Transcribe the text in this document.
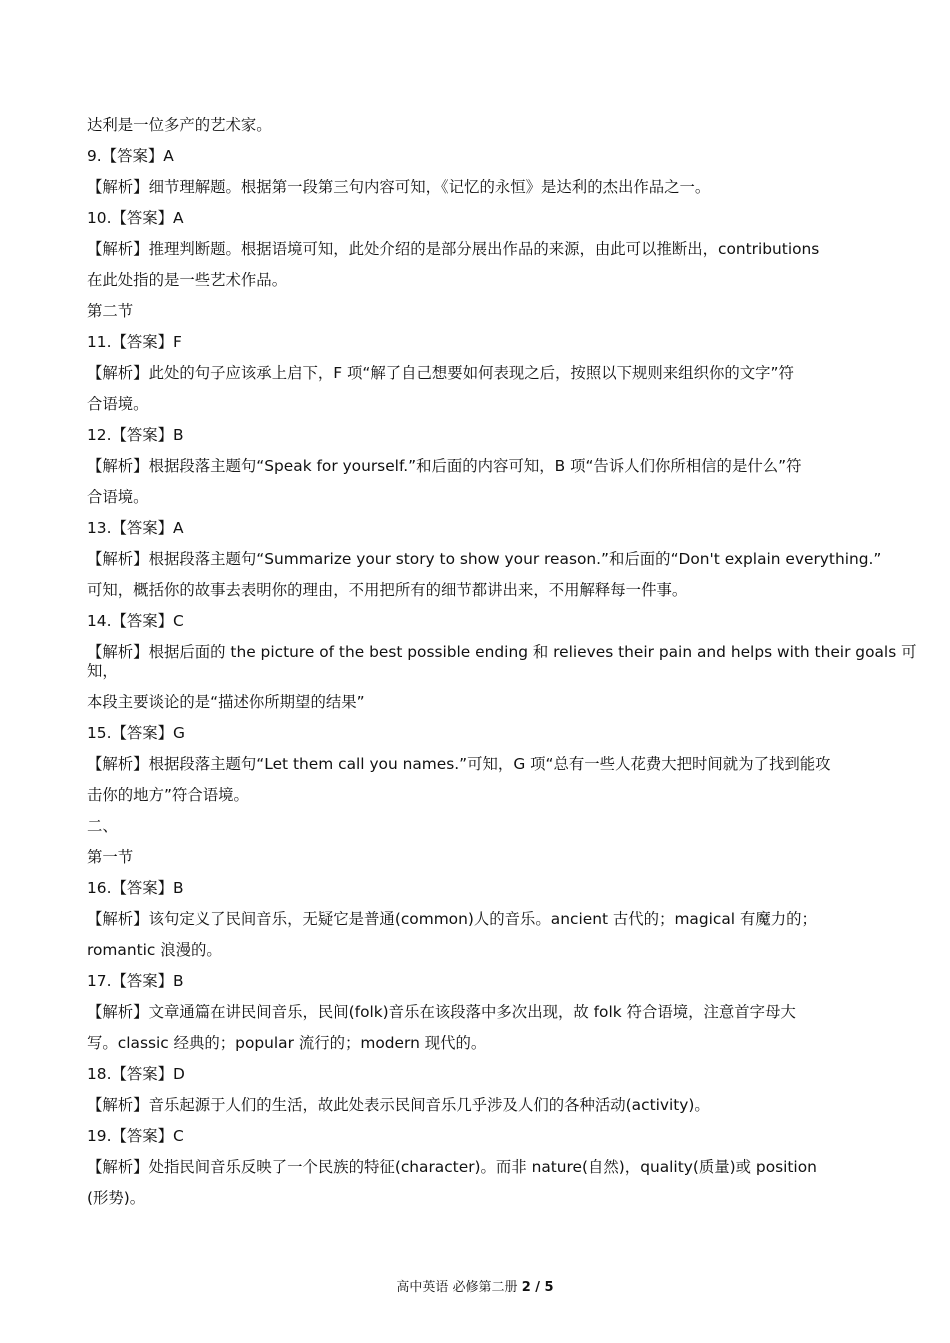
达利是一位多产的艺术家。
9.【答案】A
【解析】细节理解题。根据第一段第三句内容可知，《记忆的永恒》是达利的杰出作品之一。
10.【答案】A
【解析】推理判断题。根据语境可知，此处介绍的是部分展出作品的来源，由此可以推断出，contributions
在此处指的是一些艺术作品。
第二节
11.【答案】F
【解析】此处的句子应该承上启下，F 项“解了自己想要如何表现之后，按照以下规则来组织你的文字”符
合语境。
12.【答案】B
【解析】根据段落主题句“Speak for yourself.”和后面的内容可知，B 项“告诉人们你所相信的是什么”符
合语境。
13.【答案】A
【解析】根据段落主题句“Summarize your story to show your reason.”和后面的“Don't explain everything.”
可知，概括你的故事去表明你的理由，不用把所有的细节都讲出来，不用解释每一件事。
14.【答案】C
【解析】根据后面的 the picture of the best possible ending 和 relieves their pain and helps with their goals 可知，
本段主要谈论的是“描述你所期望的结果”
15.【答案】G
【解析】根据段落主题句“Let them call you names.”可知，G 项“总有一些人花费大把时间就为了找到能攻
击你的地方”符合语境。
二、
第一节
16.【答案】B
【解析】该句定义了民间音乐，无疑它是普通(common)人的音乐。ancient 古代的；magical 有魔力的；
romantic 浪漫的。
17.【答案】B
【解析】文章通篇在讲民间音乐，民间(folk)音乐在该段落中多次出现，故 folk 符合语境，注意首字母大
写。classic 经典的；popular 流行的；modern 现代的。
18.【答案】D
【解析】音乐起源于人们的生活，故此处表示民间音乐几乎涉及人们的各种活动(activity)。
19.【答案】C
【解析】处指民间音乐反映了一个民族的特征(character)。而非 nature(自然)，quality(质量)或 position
(形势)。
高中英语 必修第二册 2 / 5
